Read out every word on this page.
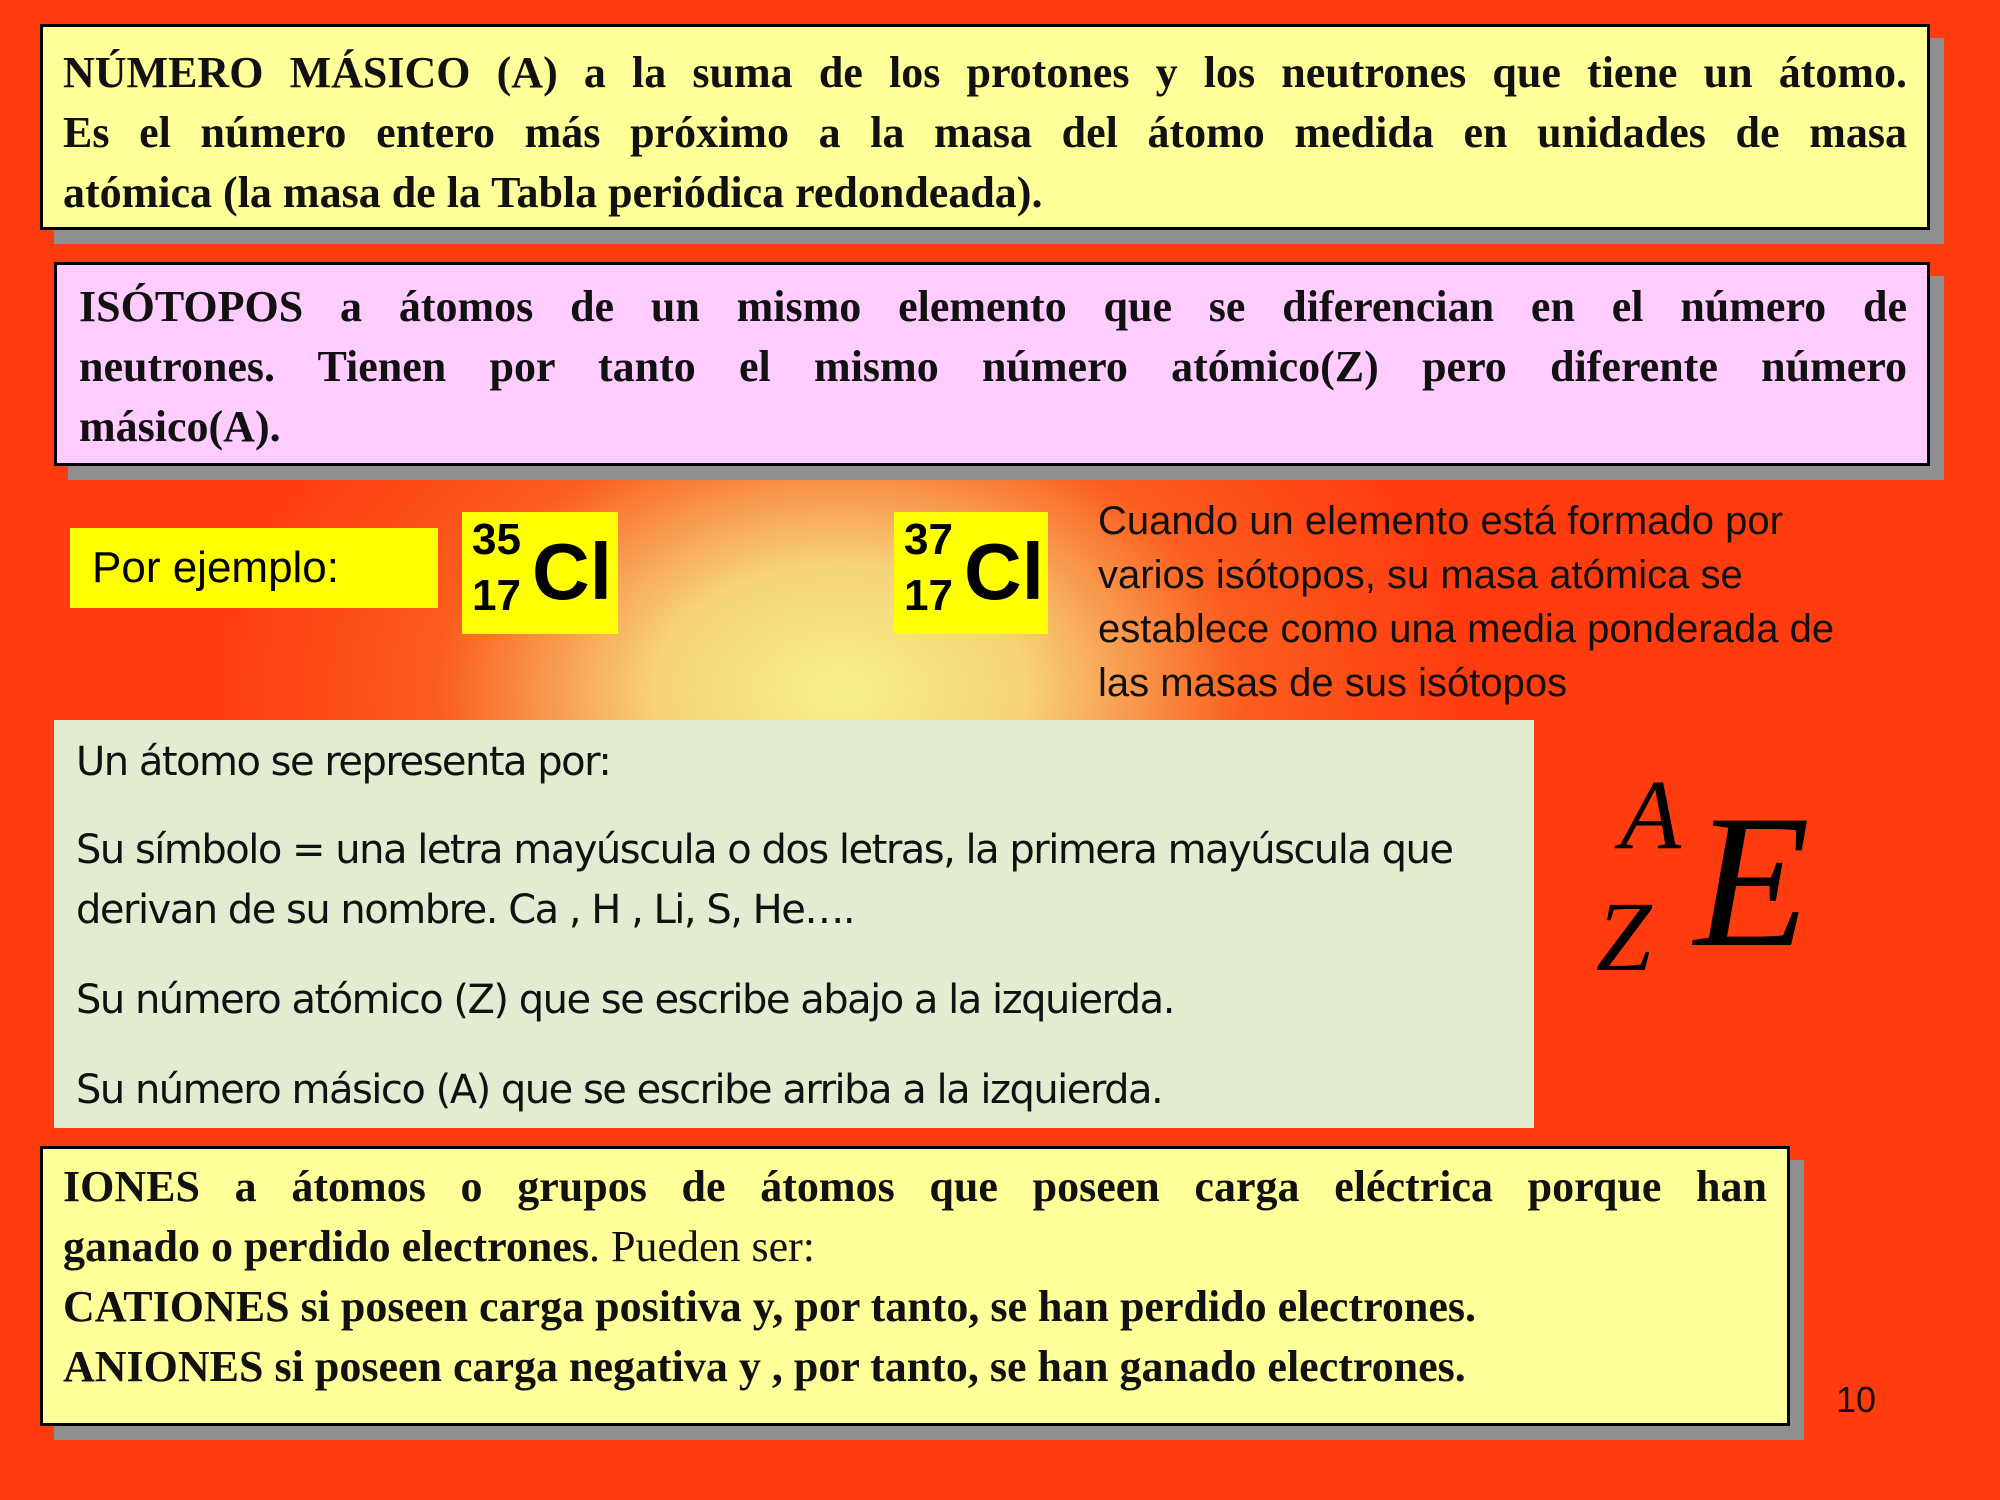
NÚMERO MÁSICO (A) a la suma de los protones y los neutrones que tiene un átomo.
Es el número entero más próximo a la masa del átomo medida en unidades de masa
atómica (la masa de la Tabla periódica redondeada).
ISÓTOPOS a átomos de un mismo elemento que se diferencian en el número de
neutrones. Tienen por tanto el mismo número atómico(Z) pero diferente número
másico(A).
Por ejemplo:
35
17 Cl	37
17 Cl
Cuando un elemento está formado por
varios isótopos, su masa atómica se
establece como una media ponderada de
las masas de sus isótopos
Un átomo se representa por:
Su símbolo = una letra mayúscula o dos letras, la primera mayúscula que
derivan de su nombre. Ca , H , Li, S, He….
Su número atómico (Z) que se escribe abajo a la izquierda.
Su número másico (A) que se escribe arriba a la izquierda.
A
Z E
IONES a átomos o grupos de átomos que poseen carga eléctrica porque han
ganado o perdido electrones. Pueden ser:
CATIONES si poseen carga positiva y, por tanto, se han perdido electrones.
ANIONES si poseen carga negativa y , por tanto, se han ganado electrones.
10
